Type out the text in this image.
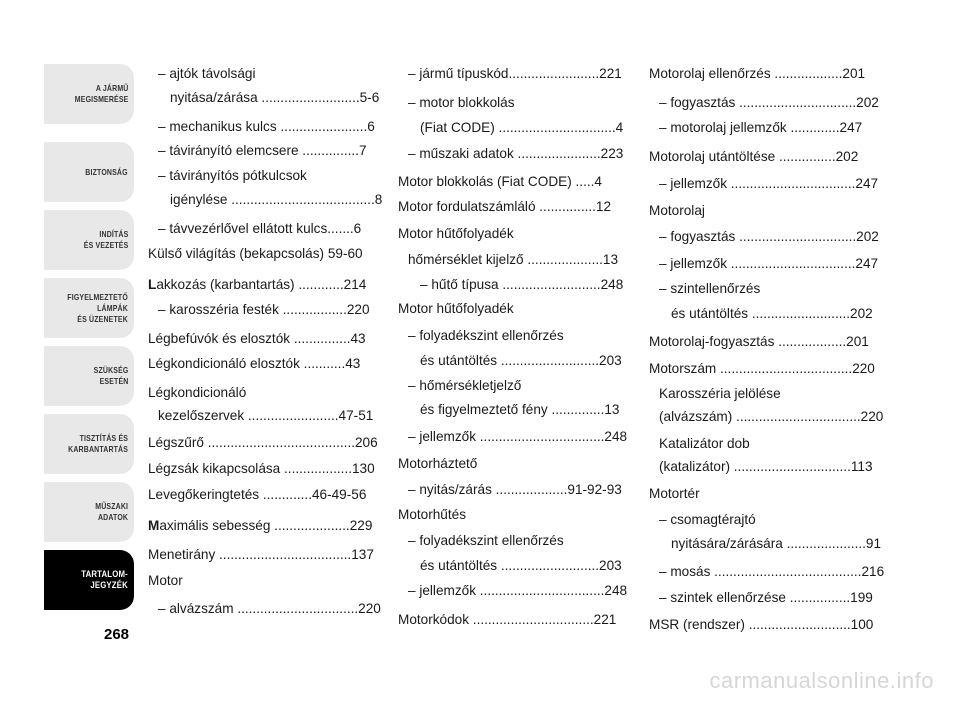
A JÁRMŰ
MEGISMERÉSE
BIZTONSÁG
INDÍTÁS
ÉS VEZETÉS
FIGYELMEZTETŐ
LÁMPÁK
ÉS ÜZENETEK
SZÜKSÉG
ESETÉN
TISZTÍTÁS ÉS
KARBANTARTÁS
MŰSZAKI
ADATOK
TARTALOM-
JEGYZÉK
268
– ajtók távolsági
nyitása/zárása ..........................5-6
– mechanikus kulcs .......................6
– távirányító elemcsere ...............7
– távirányítós pótkulcsok
igénylése ......................................8
– távvezérlővel ellátott kulcs.......6
Külső világítás (bekapcsolás) 59-60
Lakkozás (karbantartás) ............214
– karosszéria festék .................220
Légbefúvók és elosztók ...............43
Légkondicionáló elosztók ...........43
Légkondicionáló
kezelőszervek ........................47-51
Légszűrő .......................................206
Légzsák kikapcsolása ..................130
Levegőkeringtetés .............46-49-56
Maximális sebesség ....................229
Menetirány ...................................137
Motor
– alvázszám ................................220
– jármű típuskód........................221
– motor blokkolás
(Fiat CODE) ...............................4
– műszaki adatok ......................223
Motor blokkolás (Fiat CODE) .....4
Motor fordulatszámláló ...............12
Motor hűtőfolyadék
hőmérséklet kijelző ....................13
– hűtő típusa ..........................248
Motor hűtőfolyadék
– folyadékszint ellenőrzés
és utántöltés ..........................203
– hőmérsékletjelző
és figyelmeztető fény ..............13
– jellemzők .................................248
Motorháztető
– nyitás/zárás ...................91-92-93
Motorhűtés
– folyadékszint ellenőrzés
és utántöltés ..........................203
– jellemzők .................................248
Motorkódok ................................221
Motorolaj ellenőrzés ..................201
– fogyasztás ...............................202
– motorolaj jellemzők .............247
Motorolaj utántöltése ...............202
– jellemzők .................................247
Motorolaj
– fogyasztás ...............................202
– jellemzők .................................247
– szintellenőrzés
és utántöltés ..........................202
Motorolaj-fogyasztás ..................201
Motorszám ...................................220
Karosszéria jelölése
(alvázszám) .................................220
Katalizátor dob
(katalizátor) ...............................113
Motortér
– csomagtérajtó
nyitására/zárására .....................91
– mosás .......................................216
– szintek ellenőrzése ................199
MSR (rendszer) ...........................100
carmanualsonline.info
